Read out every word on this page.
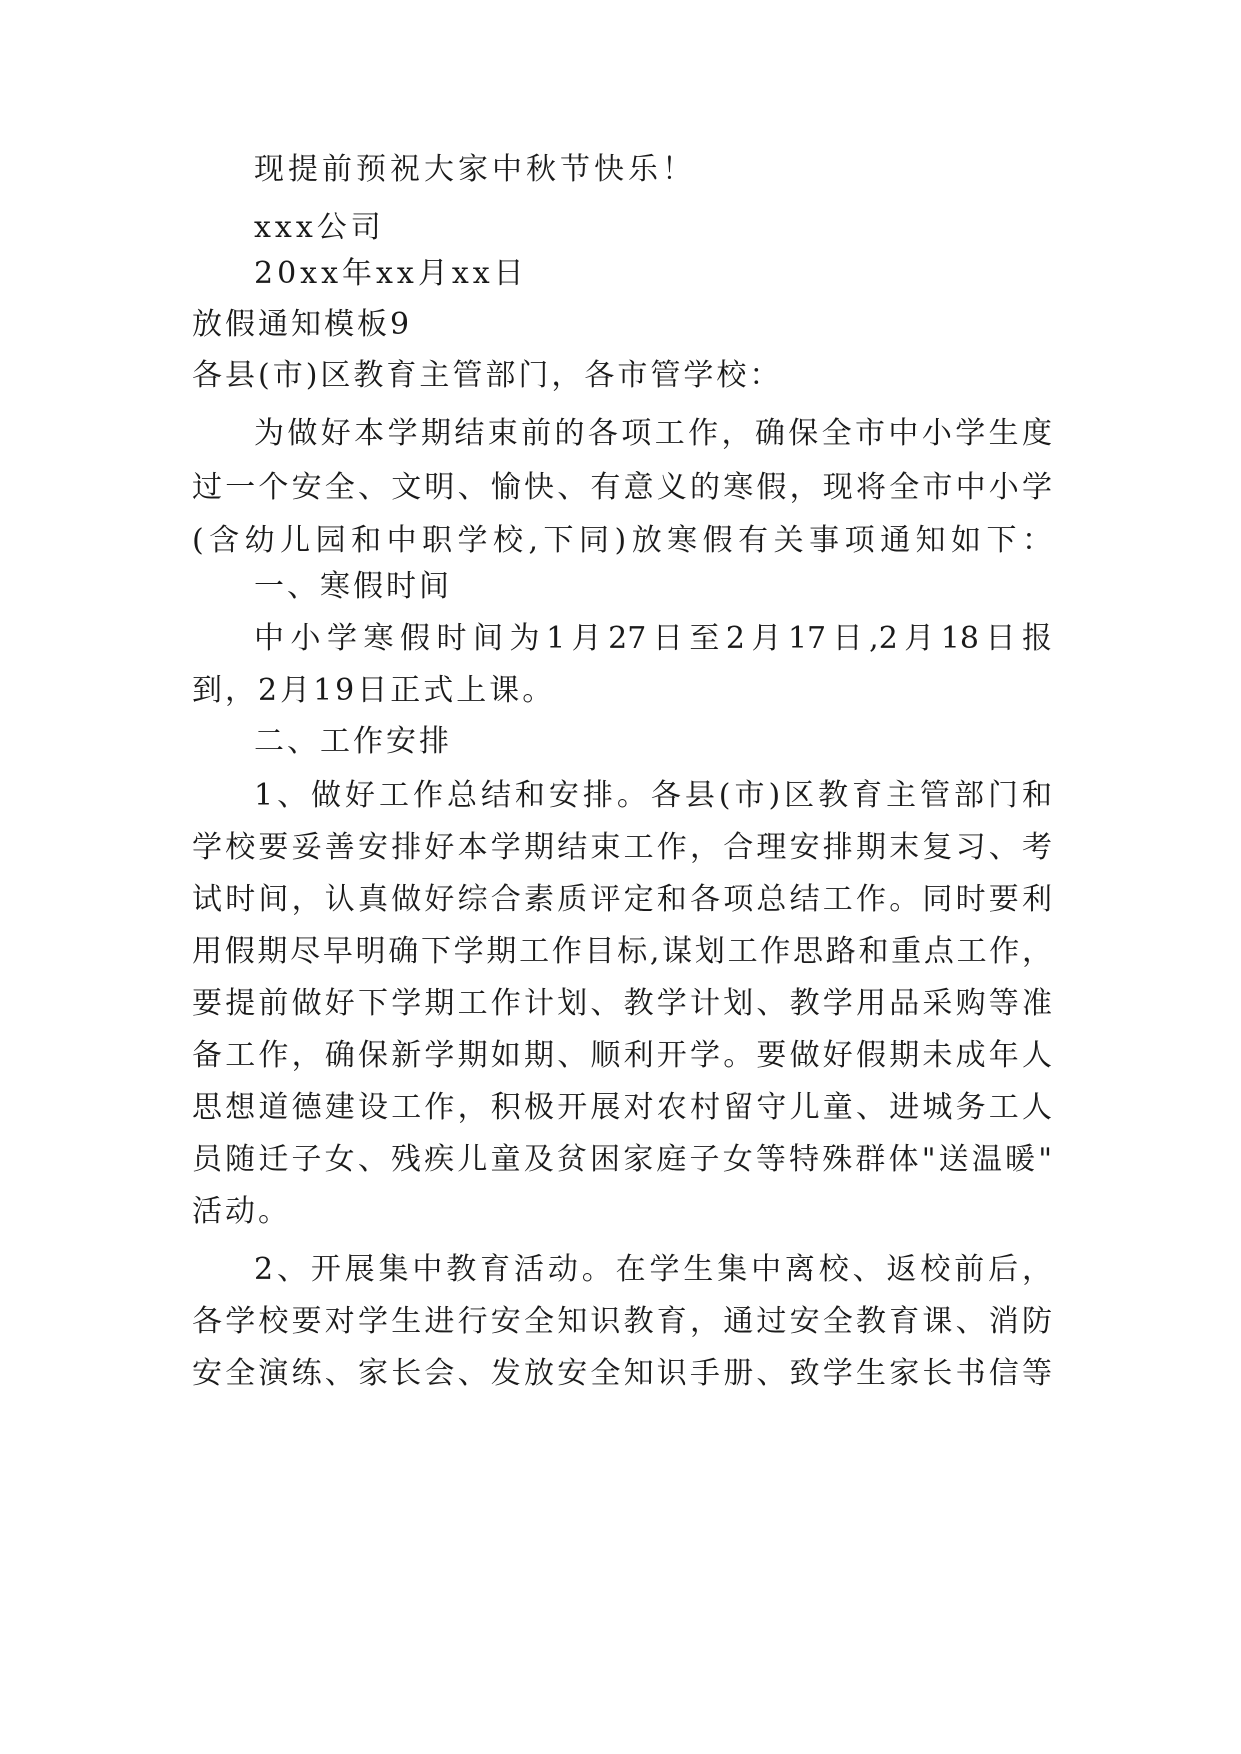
现提前预祝大家中秋节快乐！
xxx公司
20xx年xx月xx日
放假通知模板9
各县(市)区教育主管部门，各市管学校：
为做好本学期结束前的各项工作，确保全市中小学生度
过一个安全、文明、愉快、有意义的寒假，现将全市中小学
(含幼儿园和中职学校,下同)放寒假有关事项通知如下：
一、寒假时间
中小学寒假时间为1月27日至2月17日,2月18日报
到，2月19日正式上课。
二、工作安排
1、做好工作总结和安排。各县(市)区教育主管部门和
学校要妥善安排好本学期结束工作，合理安排期末复习、考
试时间，认真做好综合素质评定和各项总结工作。同时要利
用假期尽早明确下学期工作目标,谋划工作思路和重点工作，
要提前做好下学期工作计划、教学计划、教学用品采购等准
备工作，确保新学期如期、顺利开学。要做好假期未成年人
思想道德建设工作，积极开展对农村留守儿童、进城务工人
员随迁子女、残疾儿童及贫困家庭子女等特殊群体"送温暖"
活动。
2、开展集中教育活动。在学生集中离校、返校前后，
各学校要对学生进行安全知识教育，通过安全教育课、消防
安全演练、家长会、发放安全知识手册、致学生家长书信等
